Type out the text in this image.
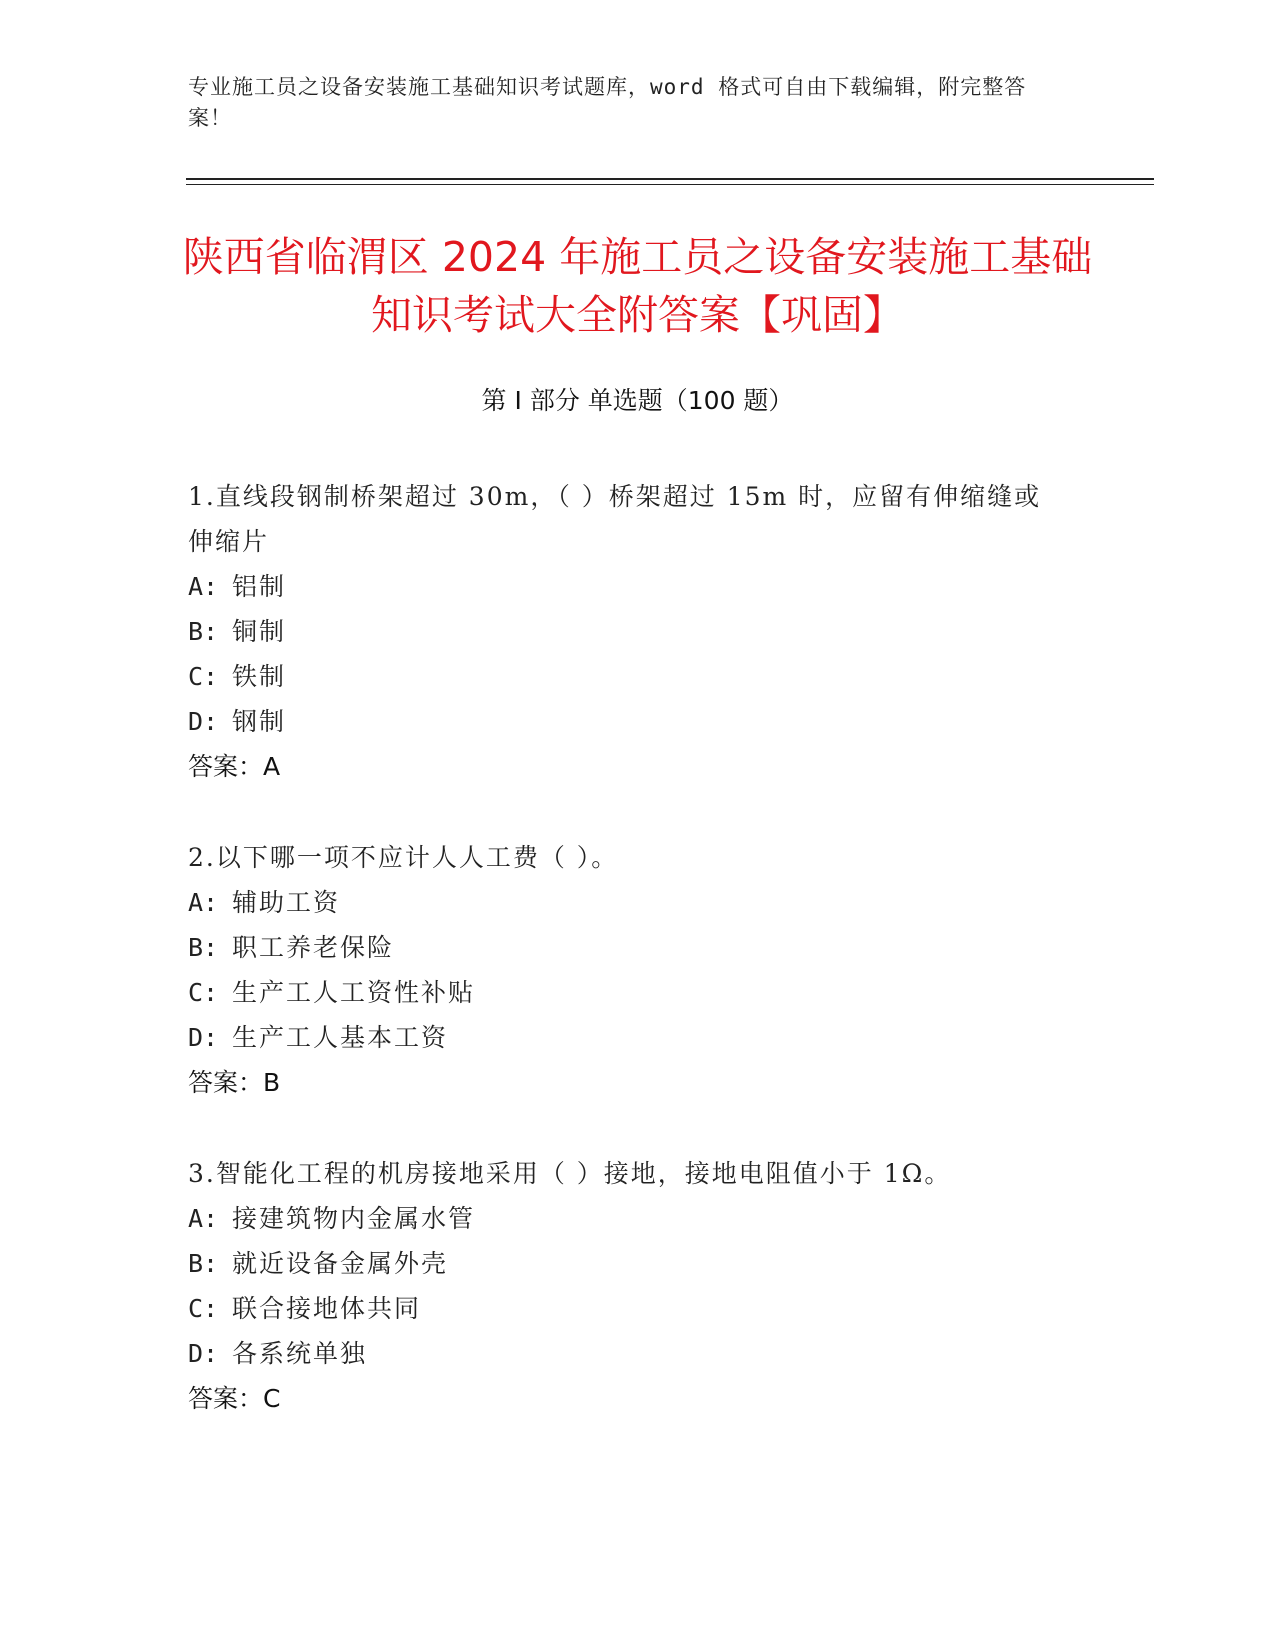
专业施工员之设备安装施工基础知识考试题库，word 格式可自由下载编辑，附完整答案！
陕西省临渭区 2024 年施工员之设备安装施工基础知识考试大全附答案【巩固】
第 I 部分 单选题（100 题）
1.直线段钢制桥架超过 30m，（ ）桥架超过 15m 时，应留有伸缩缝或伸缩片
A: 铝制
B: 铜制
C: 铁制
D: 钢制
答案：A
2.以下哪一项不应计人人工费（ ）。
A: 辅助工资
B: 职工养老保险
C: 生产工人工资性补贴
D: 生产工人基本工资
答案：B
3.智能化工程的机房接地采用（ ）接地，接地电阻值小于 1Ω。
A: 接建筑物内金属水管
B: 就近设备金属外壳
C: 联合接地体共同
D: 各系统单独
答案：C
